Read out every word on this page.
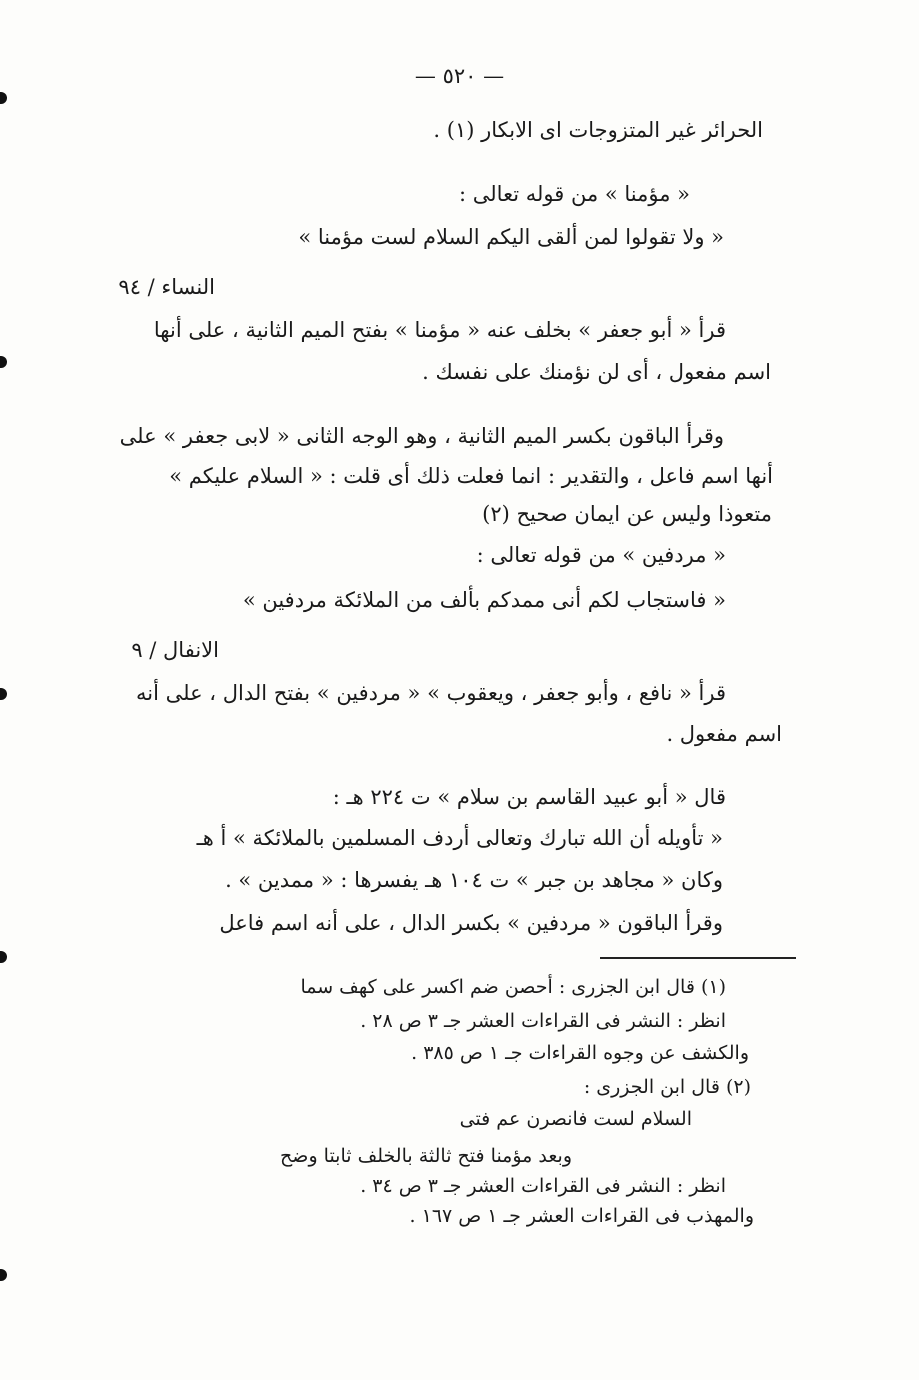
— ٥٢٠ —
الحرائر غير المتزوجات اى الابكار (١) .
« مؤمنا » من قوله تعالى :
« ولا تقولوا لمن ألقى اليكم السلام لست مؤمنا »
النساء / ٩٤
قرأ « أبو جعفر » بخلف عنه « مؤمنا » بفتح الميم الثانية ، على أنها
اسم مفعول ، أى لن نؤمنك على نفسك .
وقرأ الباقون بكسر الميم الثانية ، وهو الوجه الثانى « لابى جعفر » على
أنها اسم فاعل ، والتقدير : انما فعلت ذلك أى قلت : « السلام عليكم »
متعوذا وليس عن ايمان صحيح (٢)
« مردفين » من قوله تعالى :
« فاستجاب لكم أنى ممدكم بألف من الملائكة مردفين »
الانفال / ٩
قرأ « نافع ، وأبو جعفر ، ويعقوب » « مردفين » بفتح الدال ، على أنه
اسم مفعول .
قال « أبو عبيد القاسم بن سلام » ت ٢٢٤ هـ :
« تأويله أن الله تبارك وتعالى أردف المسلمين بالملائكة » أ هـ
وكان « مجاهد بن جبر » ت ١٠٤ هـ يفسرها : « ممدين » .
وقرأ الباقون « مردفين » بكسر الدال ، على أنه اسم فاعل
(١) قال ابن الجزرى : أحصن ضم اكسر على كهف سما
انظر : النشر فى القراءات العشر جـ ٣ ص ٢٨ .
والكشف عن وجوه القراءات جـ ١ ص ٣٨٥ .
(٢) قال ابن الجزرى :
السلام لست فانصرن عم فتى
وبعد مؤمنا فتح ثالثة بالخلف ثابتا وضح
انظر : النشر فى القراءات العشر جـ ٣ ص ٣٤ .
والمهذب فى القراءات العشر جـ ١ ص ١٦٧ .
